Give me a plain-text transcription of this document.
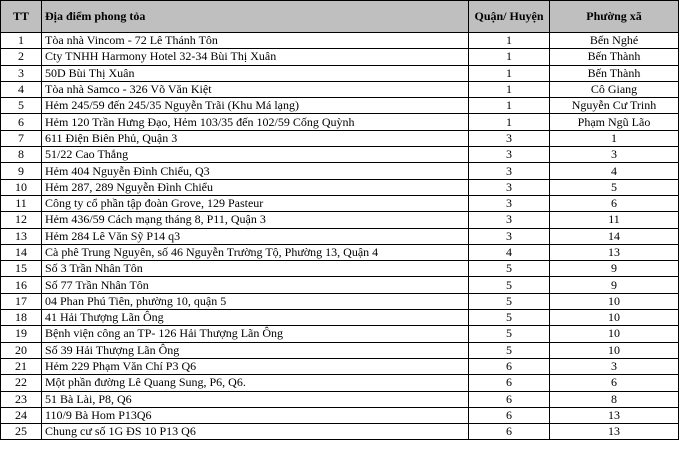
TT	Địa điểm phong tỏa	Quận/ Huyện	Phường xã
1	Tòa nhà Vincom - 72 Lê Thánh Tôn	1	Bến Nghé
2	Cty TNHH Harmony Hotel 32-34 Bùi Thị Xuân	1	Bến Thành
3	50D Bùi Thị Xuân	1	Bến Thành
4	Tòa nhà Samco - 326 Võ Văn Kiệt	1	Cô Giang
5	Hẻm 245/59 đến 245/35 Nguyễn Trãi (Khu Má lạng)	1	Nguyễn Cư Trinh
6	Hẻm 120 Trần Hưng Đạo, Hẻm 103/35 đến 102/59 Cống Quỳnh	1	Phạm Ngũ Lão
7	611 Điện Biên Phủ, Quận 3	3	1
8	51/22 Cao Thắng	3	3
9	Hẻm 404 Nguyễn Đình Chiểu, Q3	3	4
10	Hẻm 287, 289 Nguyễn Đình Chiểu	3	5
11	Công ty cổ phần tập đoàn Grove, 129 Pasteur	3	6
12	Hẻm 436/59 Cách mạng tháng 8, P11, Quận 3	3	11
13	Hẻm 284 Lê Văn Sỹ P14 q3	3	14
14	Cà phê Trung Nguyên, số 46 Nguyễn Trường Tộ, Phường 13, Quận 4	4	13
15	Số 3 Trần Nhân Tôn	5	9
16	Số 77 Trần Nhân Tôn	5	9
17	04 Phan Phú Tiên, phường 10, quận 5	5	10
18	41 Hải Thượng Lãn Ông	5	10
19	Bệnh viện công an TP- 126 Hải Thượng Lãn Ông	5	10
20	Số 39 Hải Thượng Lãn Ông	5	10
21	Hẻm 229 Phạm Văn Chí P3 Q6	6	3
22	Một phần đường Lê Quang Sung, P6, Q6.	6	6
23	51 Bà Lài, P8, Q6	6	8
24	110/9 Bà Hom P13Q6	6	13
25	Chung cư số 1G ĐS 10 P13 Q6	6	13
